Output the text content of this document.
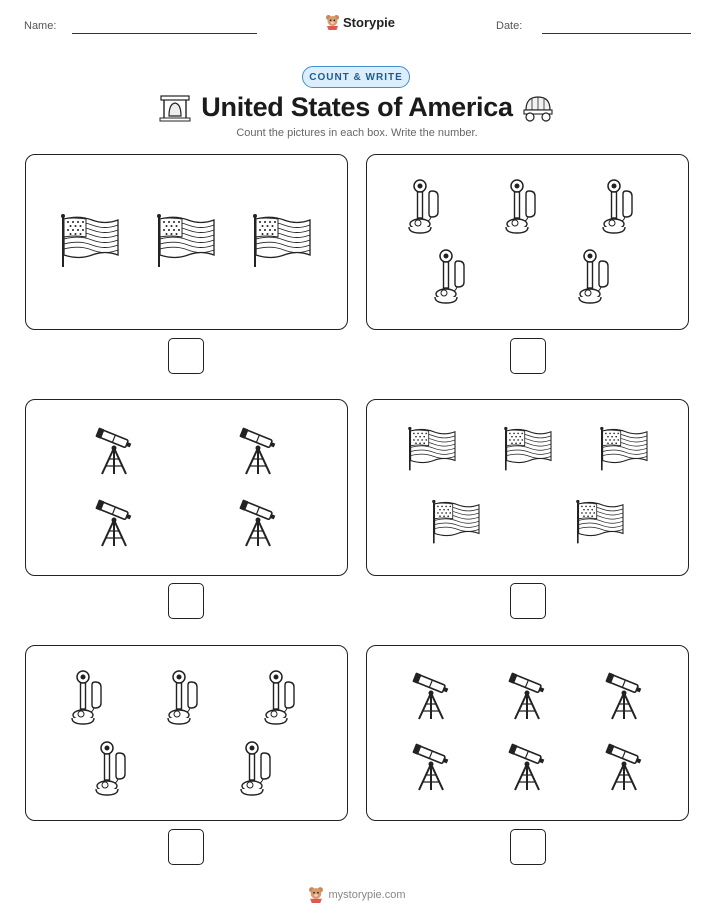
Name:	Storypie	Date:
COUNT & WRITE
United States of America
Count the pictures in each box. Write the number.
mystorypie.com
